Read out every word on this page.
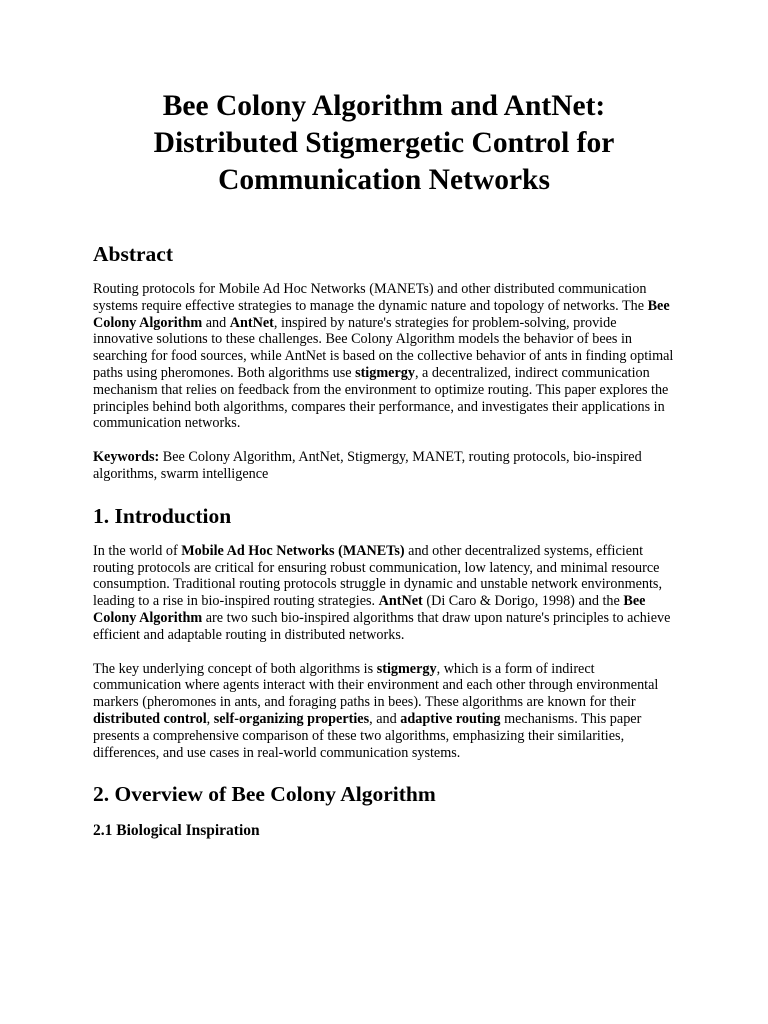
Bee Colony Algorithm and AntNet: Distributed Stigmergetic Control for Communication Networks
Abstract

Routing protocols for Mobile Ad Hoc Networks (MANETs) and other distributed communication systems require effective strategies to manage the dynamic nature and topology of networks. The Bee Colony Algorithm and AntNet, inspired by nature's strategies for problem-solving, provide innovative solutions to these challenges. Bee Colony Algorithm models the behavior of bees in searching for food sources, while AntNet is based on the collective behavior of ants in finding optimal paths using pheromones. Both algorithms use stigmergy, a decentralized, indirect communication mechanism that relies on feedback from the environment to optimize routing. This paper explores the principles behind both algorithms, compares their performance, and investigates their applications in communication networks.

Keywords: Bee Colony Algorithm, AntNet, Stigmergy, MANET, routing protocols, bio-inspired algorithms, swarm intelligence

1. Introduction

In the world of Mobile Ad Hoc Networks (MANETs) and other decentralized systems, efficient routing protocols are critical for ensuring robust communication, low latency, and minimal resource consumption. Traditional routing protocols struggle in dynamic and unstable network environments, leading to a rise in bio-inspired routing strategies. AntNet (Di Caro & Dorigo, 1998) and the Bee Colony Algorithm are two such bio-inspired algorithms that draw upon nature's principles to achieve efficient and adaptable routing in distributed networks.

The key underlying concept of both algorithms is stigmergy, which is a form of indirect communication where agents interact with their environment and each other through environmental markers (pheromones in ants, and foraging paths in bees). These algorithms are known for their distributed control, self-organizing properties, and adaptive routing mechanisms. This paper presents a comprehensive comparison of these two algorithms, emphasizing their similarities, differences, and use cases in real-world communication systems.

2. Overview of Bee Colony Algorithm
2.1 Biological Inspiration
